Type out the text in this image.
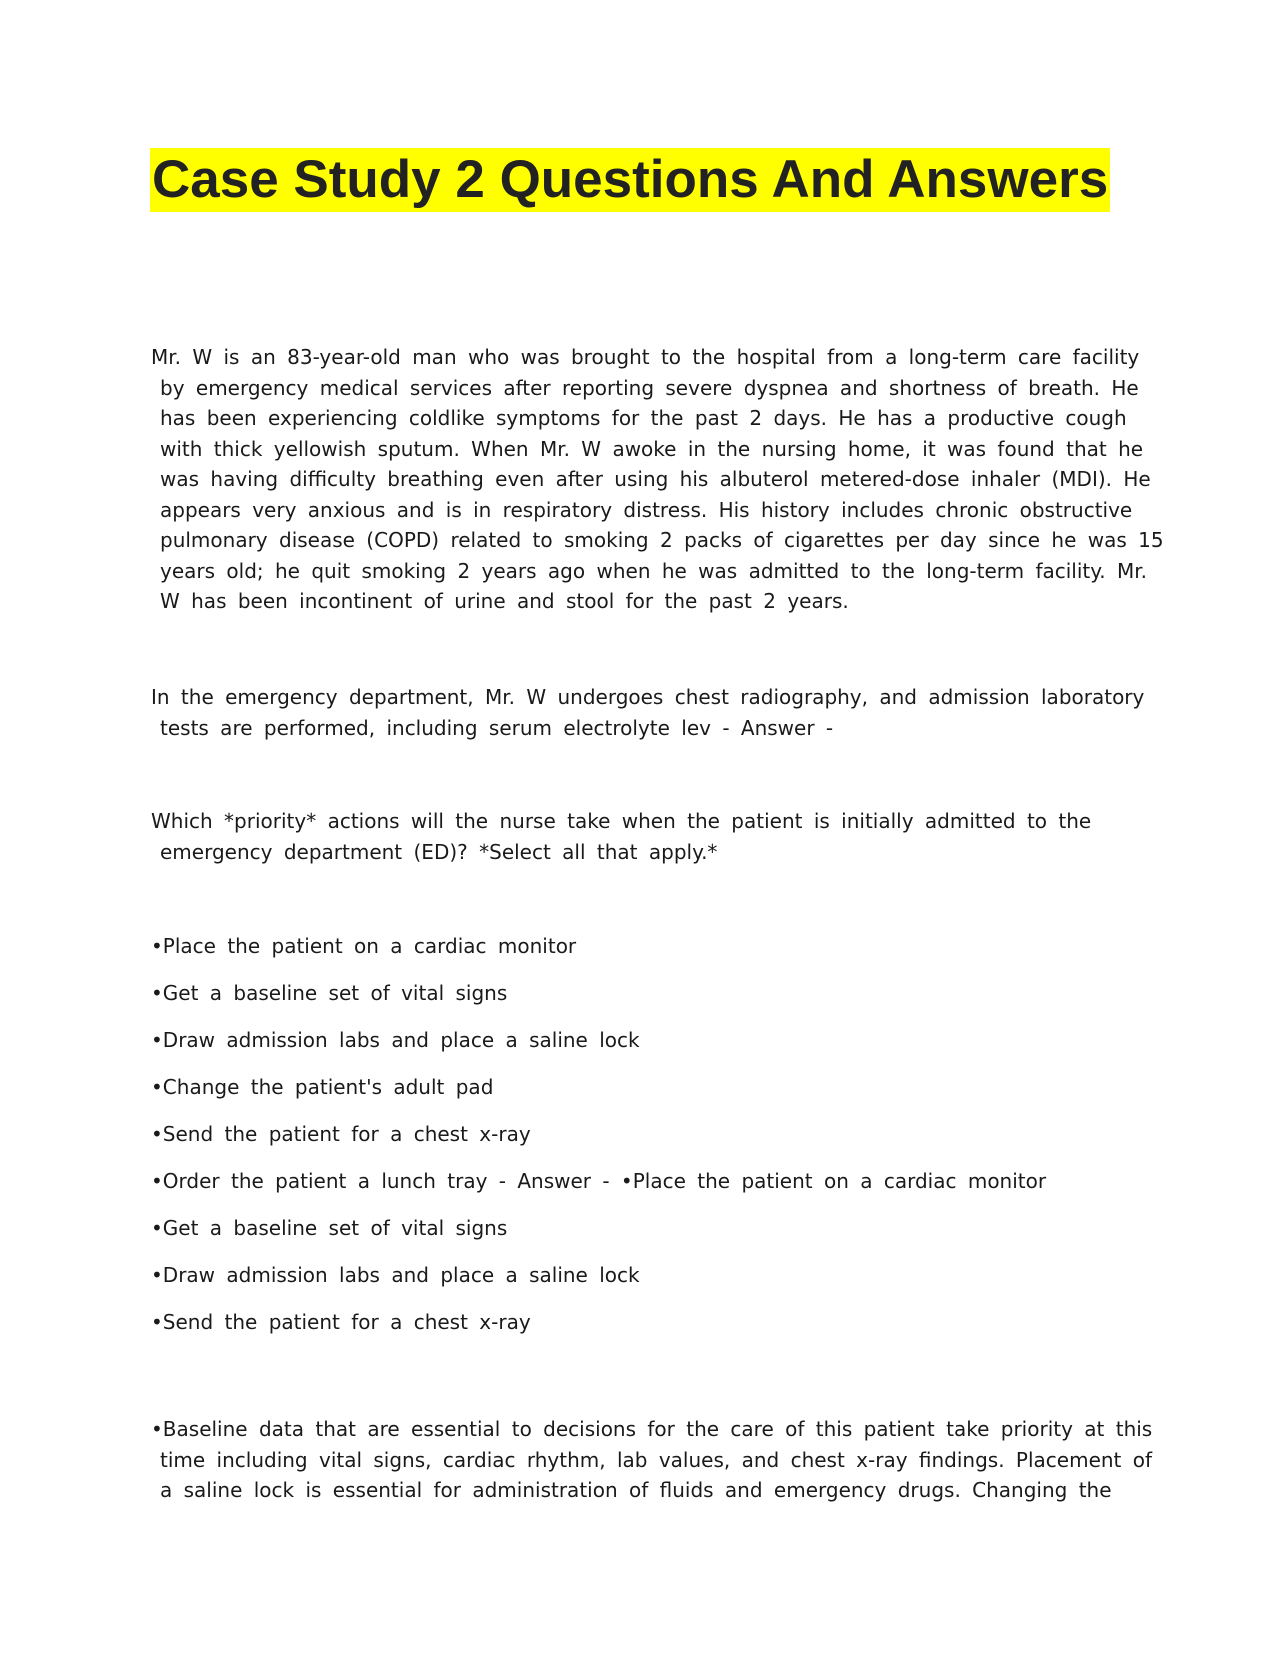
Case Study 2 Questions And Answers
Mr. W is an 83-year-old man who was brought to the hospital from a long-term care facility
by emergency medical services after reporting severe dyspnea and shortness of breath. He
has been experiencing coldlike symptoms for the past 2 days. He has a productive cough
with thick yellowish sputum. When Mr. W awoke in the nursing home, it was found that he
was having difficulty breathing even after using his albuterol metered-dose inhaler (MDI). He
appears very anxious and is in respiratory distress. His history includes chronic obstructive
pulmonary disease (COPD) related to smoking 2 packs of cigarettes per day since he was 15
years old; he quit smoking 2 years ago when he was admitted to the long-term facility. Mr.
W has been incontinent of urine and stool for the past 2 years.
In the emergency department, Mr. W undergoes chest radiography, and admission laboratory
tests are performed, including serum electrolyte lev - Answer -
Which *priority* actions will the nurse take when the patient is initially admitted to the
emergency department (ED)? *Select all that apply.*
•Place the patient on a cardiac monitor
•Get a baseline set of vital signs
•Draw admission labs and place a saline lock
•Change the patient's adult pad
•Send the patient for a chest x-ray
•Order the patient a lunch tray - Answer - •Place the patient on a cardiac monitor
•Get a baseline set of vital signs
•Draw admission labs and place a saline lock
•Send the patient for a chest x-ray
•Baseline data that are essential to decisions for the care of this patient take priority at this
time including vital signs, cardiac rhythm, lab values, and chest x-ray findings. Placement of
a saline lock is essential for administration of fluids and emergency drugs. Changing the
